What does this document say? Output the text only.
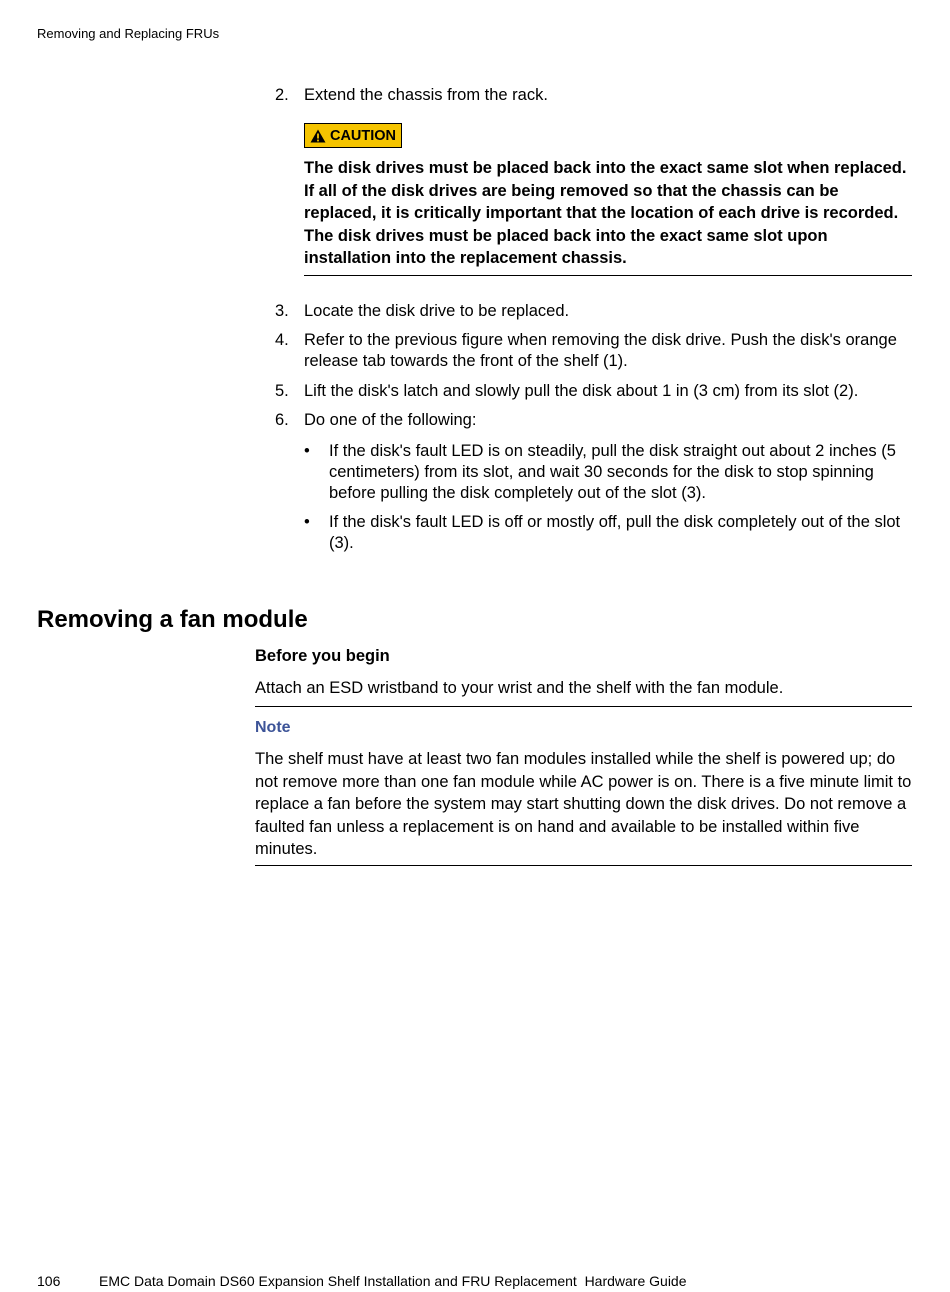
Removing and Replacing FRUs
2. Extend the chassis from the rack.
CAUTION
The disk drives must be placed back into the exact same slot when replaced. If all of the disk drives are being removed so that the chassis can be replaced, it is critically important that the location of each drive is recorded. The disk drives must be placed back into the exact same slot upon installation into the replacement chassis.
3. Locate the disk drive to be replaced.
4. Refer to the previous figure when removing the disk drive. Push the disk's orange release tab towards the front of the shelf (1).
5. Lift the disk's latch and slowly pull the disk about 1 in (3 cm) from its slot (2).
6. Do one of the following:
• If the disk's fault LED is on steadily, pull the disk straight out about 2 inches (5 centimeters) from its slot, and wait 30 seconds for the disk to stop spinning before pulling the disk completely out of the slot (3).
• If the disk's fault LED is off or mostly off, pull the disk completely out of the slot (3).
Removing a fan module
Before you begin
Attach an ESD wristband to your wrist and the shelf with the fan module.
Note
The shelf must have at least two fan modules installed while the shelf is powered up; do not remove more than one fan module while AC power is on. There is a five minute limit to replace a fan before the system may start shutting down the disk drives. Do not remove a faulted fan unless a replacement is on hand and available to be installed within five minutes.
106	EMC Data Domain DS60 Expansion Shelf Installation and FRU Replacement  Hardware Guide
